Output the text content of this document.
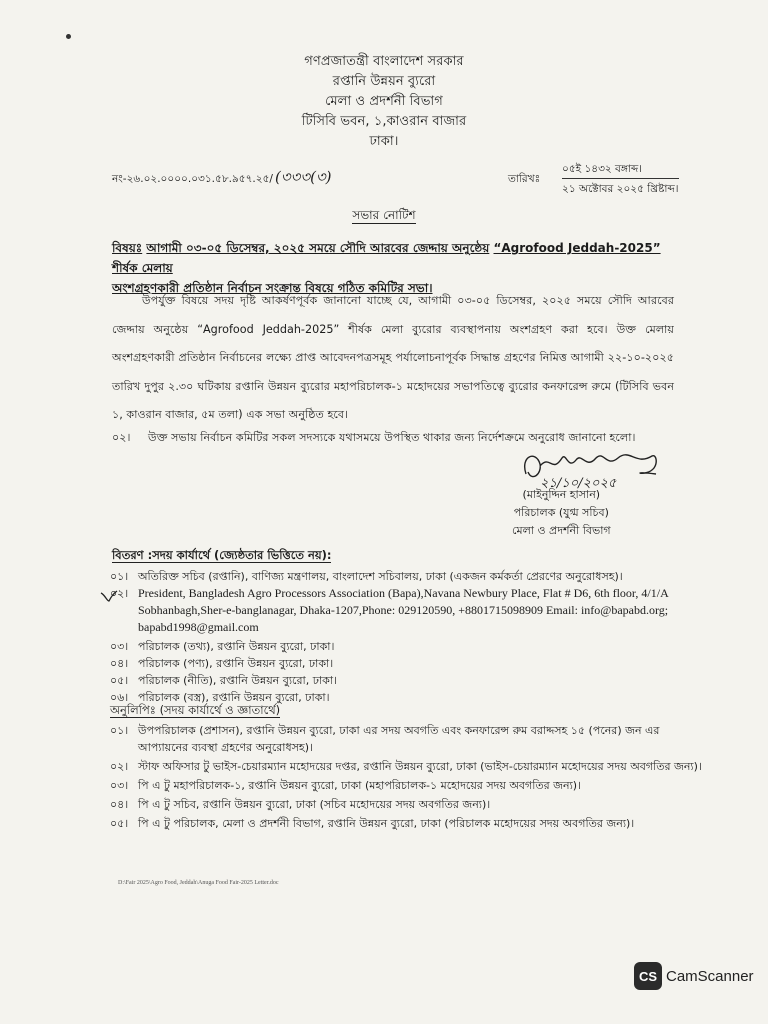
গণপ্রজাতন্ত্রী বাংলাদেশ সরকার
রপ্তানি উন্নয়ন ব্যুরো
মেলা ও প্রদর্শনী বিভাগ
টিসিবি ভবন, ১,কাওরান বাজার
ঢাকা।
নং-২৬.০২.০০০০.০৩১.৫৮.৯৫৭.২৫/ (৩৩৩(৩)	তারিখঃ
০৫ই ১৪৩২ বঙ্গাব্দ।
২১ অক্টোবর ২০২৫ খ্রিষ্টাব্দ।
সভার নোটিশ
বিষয়ঃ আগামী ০৩-০৫ ডিসেম্বর, ২০২৫ সময়ে সৌদি আরবের জেদ্দায় অনুষ্ঠেয় “Agrofood Jeddah-2025” শীর্ষক মেলায়
অংশগ্রহণকারী প্রতিষ্ঠান নির্বাচন সংক্রান্ত বিষয়ে গঠিত কমিটির সভা।
উপর্যুক্ত বিষয়ে সদয় দৃষ্টি আকর্ষণপূর্বক জানানো যাচ্ছে যে, আগামী ০৩-০৫ ডিসেম্বর, ২০২৫ সময়ে সৌদি আরবের জেদ্দায় অনুষ্ঠেয় “Agrofood Jeddah-2025” শীর্ষক মেলা ব্যুরোর ব্যবস্থাপনায় অংশগ্রহণ করা হবে। উক্ত মেলায় অংশগ্রহণকারী প্রতিষ্ঠান নির্বাচনের লক্ষ্যে প্রাপ্ত আবেদনপত্রসমূহ পর্যালোচনাপূর্বক সিদ্ধান্ত গ্রহণের নিমিত্ত আগামী ২২-১০-২০২৫ তারিখ দুপুর ২.৩০ ঘটিকায় রপ্তানি উন্নয়ন ব্যুরোর মহাপরিচালক-১ মহোদয়ের সভাপতিত্বে ব্যুরোর কনফারেন্স রুমে (টিসিবি ভবন ১, কাওরান বাজার, ৫ম তলা) এক সভা অনুষ্ঠিত হবে।
০২। উক্ত সভায় নির্বাচন কমিটির সকল সদস্যকে যথাসময়ে উপস্থিত থাকার জন্য নির্দেশক্রমে অনুরোধ জানানো হলো।
২১/১০/২০২৫
(মাইনুদ্দিন হাসান)
পরিচালক (যুগ্ম সচিব)
মেলা ও প্রদর্শনী বিভাগ
বিতরণ :সদয় কার্যার্থে (জ্যেষ্ঠতার ভিত্তিতে নয়):
০১। অতিরিক্ত সচিব (রপ্তানি), বাণিজ্য মন্ত্রণালয়, বাংলাদেশ সচিবালয়, ঢাকা (একজন কর্মকর্তা প্রেরণের অনুরোধসহ)।
০২। President, Bangladesh Agro Processors Association (Bapa),Navana Newbury Place, Flat # D6, 6th floor, 4/1/A Sobhanbagh,Sher-e-banglanagar, Dhaka-1207,Phone: 029120590, +8801715098909 Email: info@bapabd.org; bapabd1998@gmail.com
০৩। পরিচালক (তথ্য), রপ্তানি উন্নয়ন ব্যুরো, ঢাকা।
০৪। পরিচালক (পণ্য), রপ্তানি উন্নয়ন ব্যুরো, ঢাকা।
০৫। পরিচালক (নীতি), রপ্তানি উন্নয়ন ব্যুরো, ঢাকা।
০৬। পরিচালক (বস্ত্র), রপ্তানি উন্নয়ন ব্যুরো, ঢাকা।
অনুলিপিঃ (সদয় কার্যার্থে ও জ্ঞাতার্থে)
০১। উপপরিচালক (প্রশাসন), রপ্তানি উন্নয়ন ব্যুরো, ঢাকা এর সদয় অবগতি এবং কনফারেন্স রুম বরাদ্দসহ ১৫ (পনের) জন এর আপ্যায়নের ব্যবস্থা গ্রহণের অনুরোধসহ)।
০২। স্টাফ অফিসার টু ভাইস-চেয়ারম্যান মহোদয়ের দপ্তর, রপ্তানি উন্নয়ন ব্যুরো, ঢাকা (ভাইস-চেয়ারম্যান মহোদয়ের সদয় অবগতির জন্য)।
০৩। পি এ টু মহাপরিচালক-১, রপ্তানি উন্নয়ন ব্যুরো, ঢাকা (মহাপরিচালক-১ মহোদয়ের সদয় অবগতির জন্য)।
০৪। পি এ টু সচিব, রপ্তানি উন্নয়ন ব্যুরো, ঢাকা (সচিব মহোদয়ের সদয় অবগতির জন্য)।
০৫। পি এ টু পরিচালক, মেলা ও প্রদর্শনী বিভাগ, রপ্তানি উন্নয়ন ব্যুরো, ঢাকা (পরিচালক মহোদয়ের সদয় অবগতির জন্য)।
D:\Fair 2025\Agro Food, Jeddah\Anuga Food Fair-2025 Letter.doc
CS CamScanner
